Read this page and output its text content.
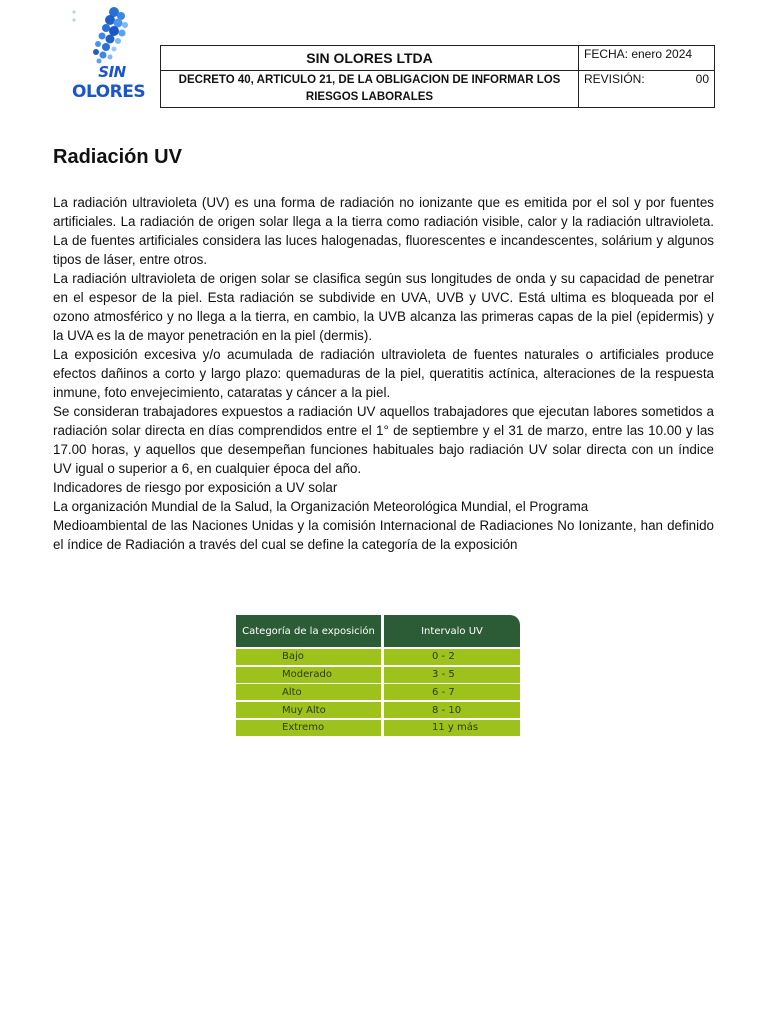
SIN
OLORES
SIN OLORES LTDA	FECHA: enero 2024
DECRETO 40, ARTICULO 21, DE LA OBLIGACION DE INFORMAR LOS RIESGOS LABORALES	REVISIÓN: 00
Radiación UV

La radiación ultravioleta (UV) es una forma de radiación no ionizante que es emitida por el sol y por fuentes artificiales. La radiación de origen solar llega a la tierra como radiación visible, calor y la radiación ultravioleta. La de fuentes artificiales considera las luces halogenadas, fluorescentes e incandescentes, solárium y algunos tipos de láser, entre otros.

La radiación ultravioleta de origen solar se clasifica según sus longitudes de onda y su capacidad de penetrar en el espesor de la piel. Esta radiación se subdivide en UVA, UVB y UVC. Está ultima es bloqueada por el ozono atmosférico y no llega a la tierra, en cambio, la UVB alcanza las primeras capas de la piel (epidermis) y la UVA es la de mayor penetración en la piel (dermis).

La exposición excesiva y/o acumulada de radiación ultravioleta de fuentes naturales o artificiales produce efectos dañinos a corto y largo plazo: quemaduras de la piel, queratitis actínica, alteraciones de la respuesta inmune, foto envejecimiento, cataratas y cáncer a la piel.

Se consideran trabajadores expuestos a radiación UV aquellos trabajadores que ejecutan labores sometidos a radiación solar directa en días comprendidos entre el 1° de septiembre y el 31 de marzo, entre las 10.00 y las 17.00 horas, y aquellos que desempeñan funciones habituales bajo radiación UV solar directa con un índice UV igual o superior a 6, en cualquier época del año.

Indicadores de riesgo por exposición a UV solar

La organización Mundial de la Salud, la Organización Meteorológica Mundial, el Programa

Medioambiental de las Naciones Unidas y la comisión Internacional de Radiaciones No Ionizante, han definido el índice de Radiación a través del cual se define la categoría de la exposición

Categoría de la exposición	Intervalo UV
Bajo	0 - 2
Moderado	3 - 5
Alto	6 - 7
Muy Alto	8 - 10
Extremo	11 y más
